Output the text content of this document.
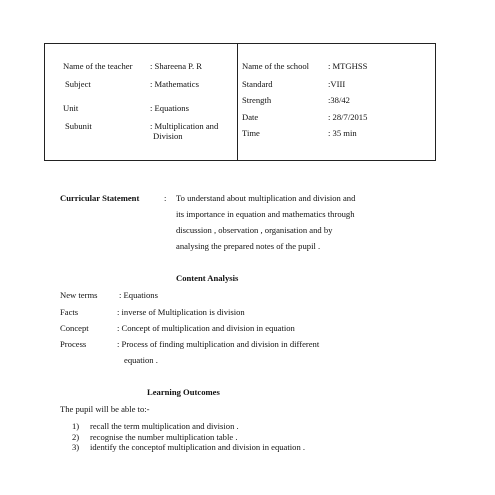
Name of the teacher : Shareena P. R
Subject	: Mathematics
Unit	: Equations
Subunit	: Multiplication and
Division
Name of the school : MTGHSS
Standard	:VIII
Strength	:38/42
Date	: 28/7/2015
Time	: 35 min
Curricular Statement	: To understand about multiplication and division and
its importance in equation and mathematics through
discussion , observation , organisation and by
analysing the prepared notes of the pupil .
Content Analysis
New terms	: Equations
Facts	: inverse of Multiplication is division
Concept	: Concept of multiplication and division in equation
Process	: Process of finding multiplication and division in different
equation .
Learning Outcomes
The pupil will be able to:-
1) recall the term multiplication and division .
2) recognise the number multiplication table .
3) identify the conceptof multiplication and division in equation .
